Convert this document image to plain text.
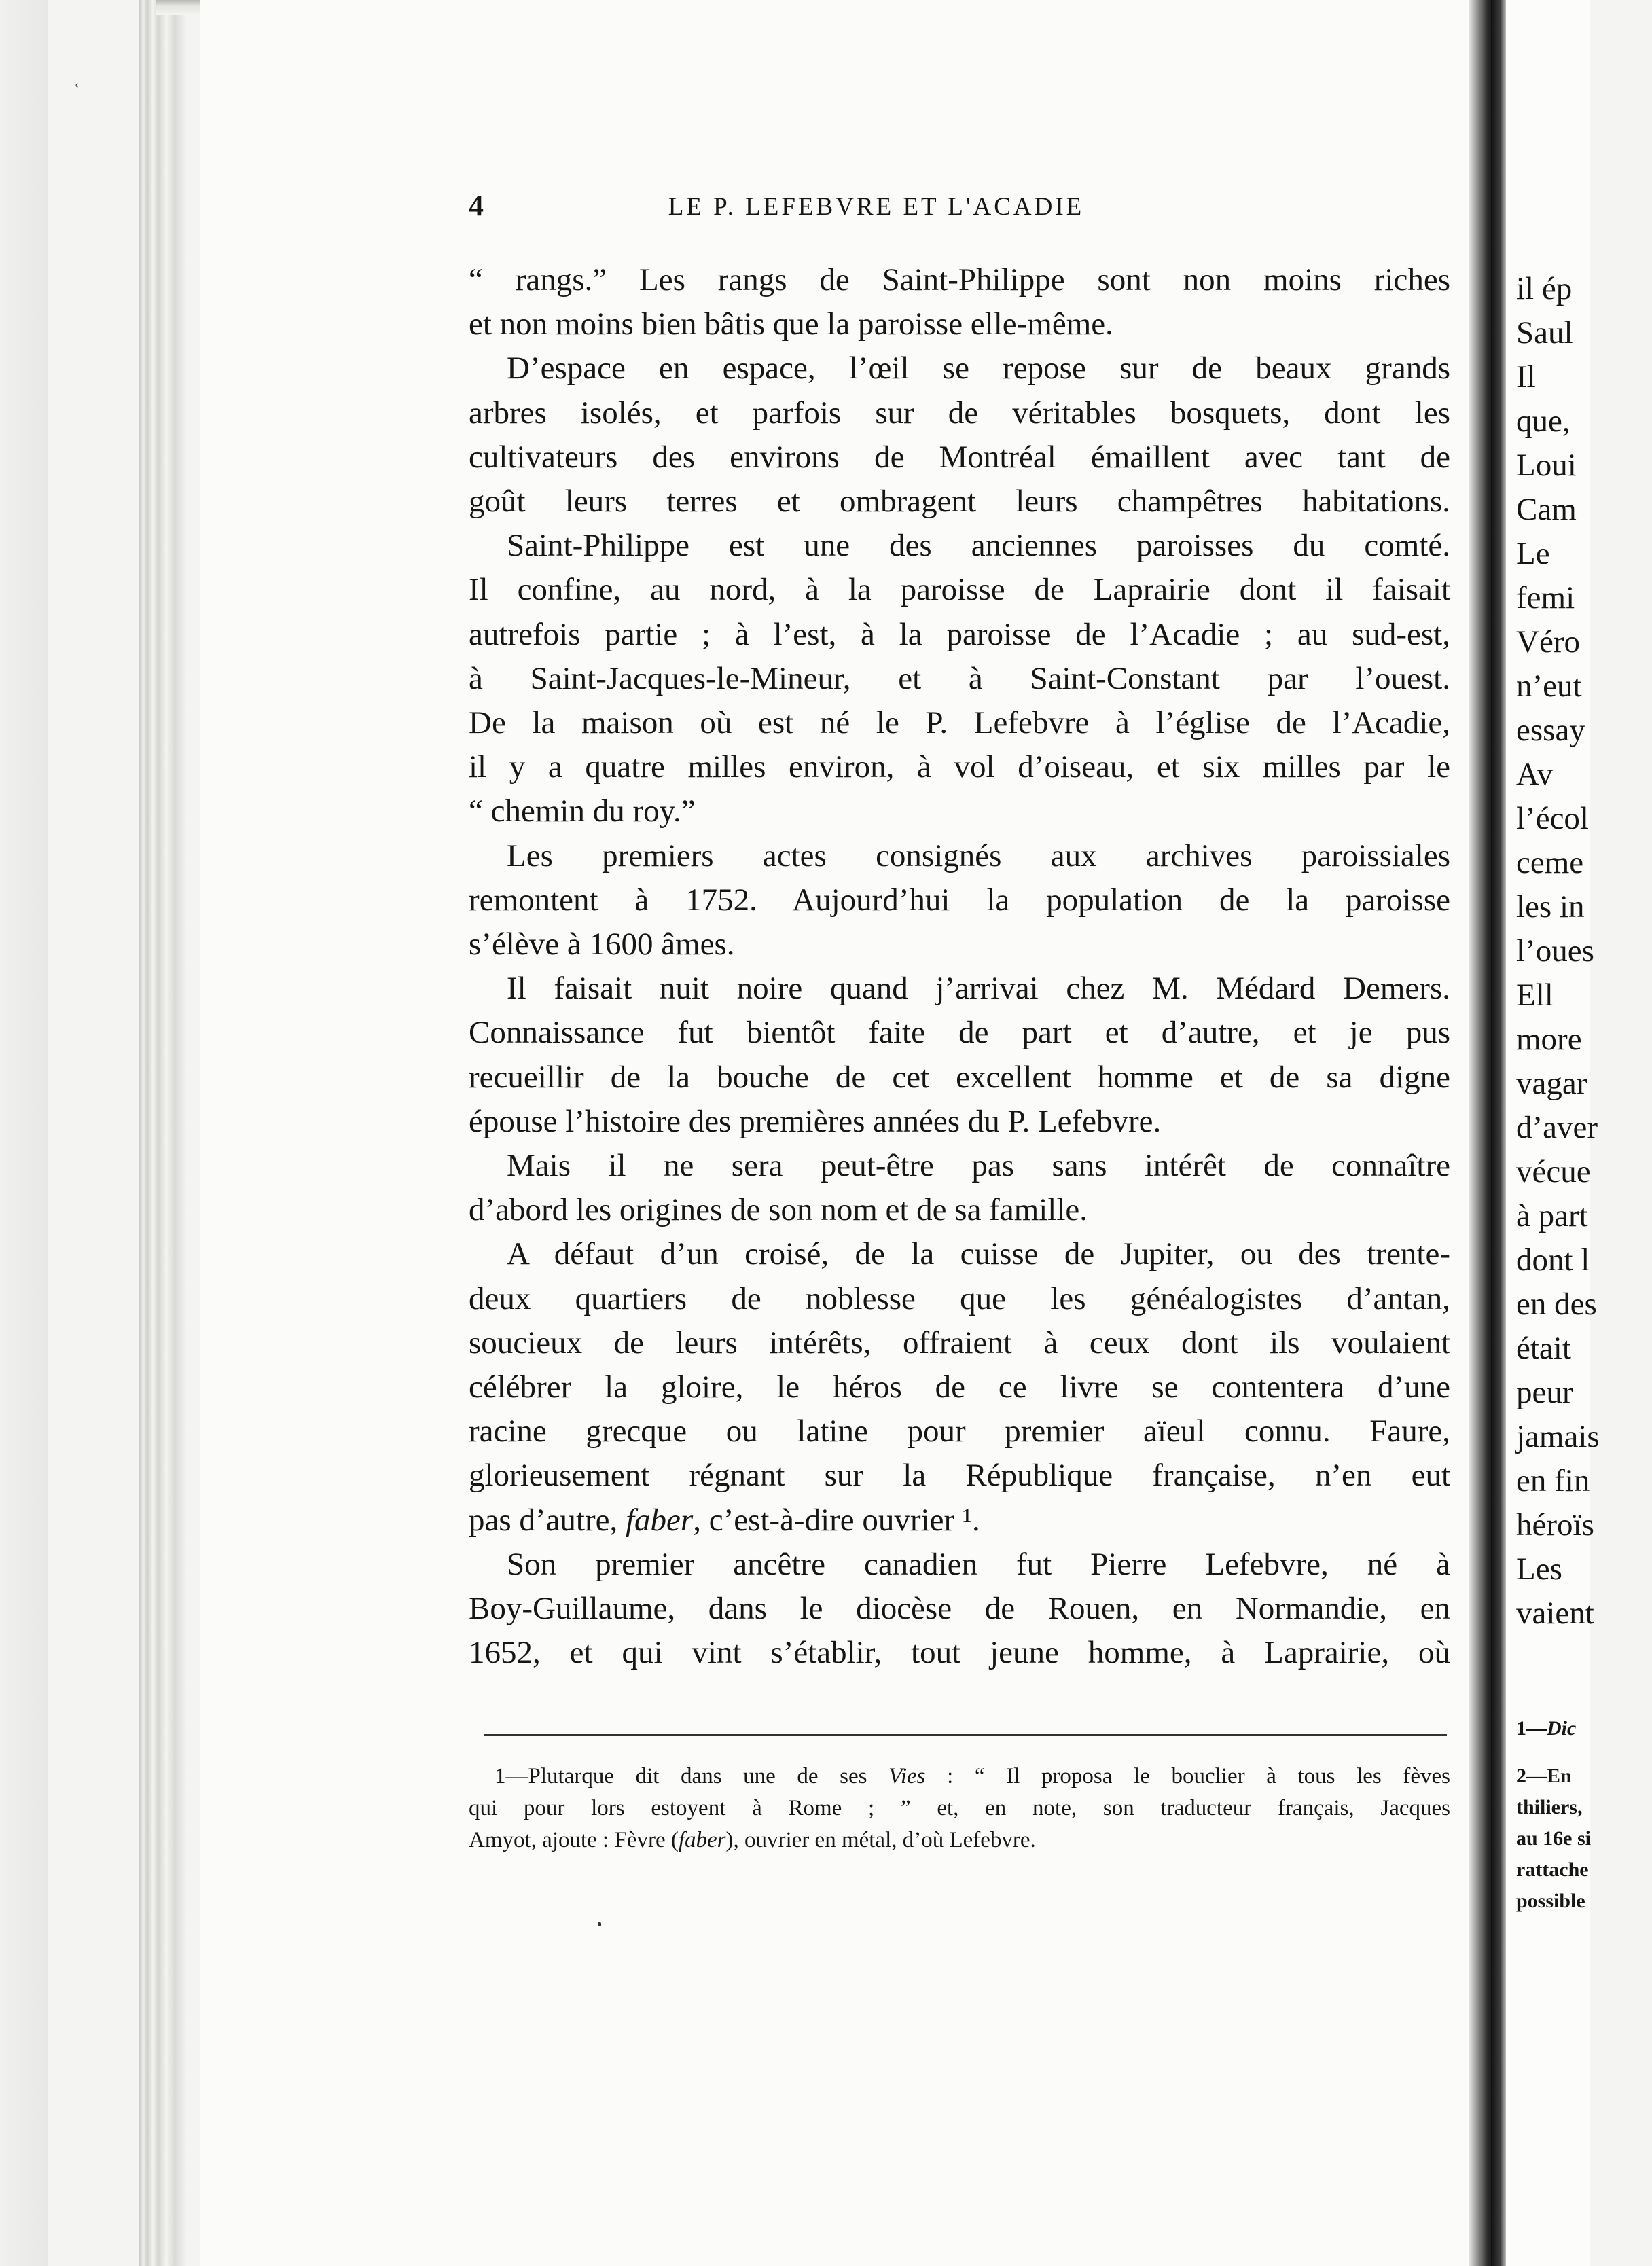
ʿ
4	LE P. LEFEBVRE ET L'ACADIE

“ rangs.” Les rangs de Saint-Philippe sont non moins riches

et non moins bien bâtis que la paroisse elle-même.

D’espace en espace, l’œil se repose sur de beaux grands

arbres isolés, et parfois sur de véritables bosquets, dont les

cultivateurs des environs de Montréal émaillent avec tant de

goût leurs terres et ombragent leurs champêtres habitations.

Saint-Philippe est une des anciennes paroisses du comté.

Il confine, au nord, à la paroisse de Laprairie dont il faisait

autrefois partie ; à l’est, à la paroisse de l’Acadie ; au sud-est,

à Saint-Jacques-le-Mineur, et à Saint-Constant par l’ouest.

De la maison où est né le P. Lefebvre à l’église de l’Acadie,

il y a quatre milles environ, à vol d’oiseau, et six milles par le

“ chemin du roy.”

Les premiers actes consignés aux archives paroissiales

remontent à 1752. Aujourd’hui la population de la paroisse

s’élève à 1600 âmes.

Il faisait nuit noire quand j’arrivai chez M. Médard Demers.

Connaissance fut bientôt faite de part et d’autre, et je pus

recueillir de la bouche de cet excellent homme et de sa digne

épouse l’histoire des premières années du P. Lefebvre.

Mais il ne sera peut-être pas sans intérêt de connaître

d’abord les origines de son nom et de sa famille.

A défaut d’un croisé, de la cuisse de Jupiter, ou des trente-

deux quartiers de noblesse que les généalogistes d’antan,

soucieux de leurs intérêts, offraient à ceux dont ils voulaient

célébrer la gloire, le héros de ce livre se contentera d’une

racine grecque ou latine pour premier aïeul connu. Faure,

glorieusement régnant sur la République française, n’en eut

pas d’autre, faber, c’est-à-dire ouvrier ¹.

Son premier ancêtre canadien fut Pierre Lefebvre, né à

Boy-Guillaume, dans le diocèse de Rouen, en Normandie, en

1652, et qui vint s’établir, tout jeune homme, à Laprairie, où

1—Plutarque dit dans une de ses Vies : “ Il proposa le bouclier à tous les fèves

qui pour lors estoyent à Rome ; ” et, en note, son traducteur français, Jacques

Amyot, ajoute : Fèvre (faber), ouvrier en métal, d’où Lefebvre.

il ép
Saul
Il
que,
Loui
Cam
Le
femi
Véro
n’eut
essay
Av
l’écol
ceme
les in
l’oues
Ell
more
vagar
d’aver
vécue
à part
dont l
en des
était
peur
jamais
en fin
héroïs
Les
vaient
1—Dic
2—En
thiliers,
au 16e si
rattache
possible
